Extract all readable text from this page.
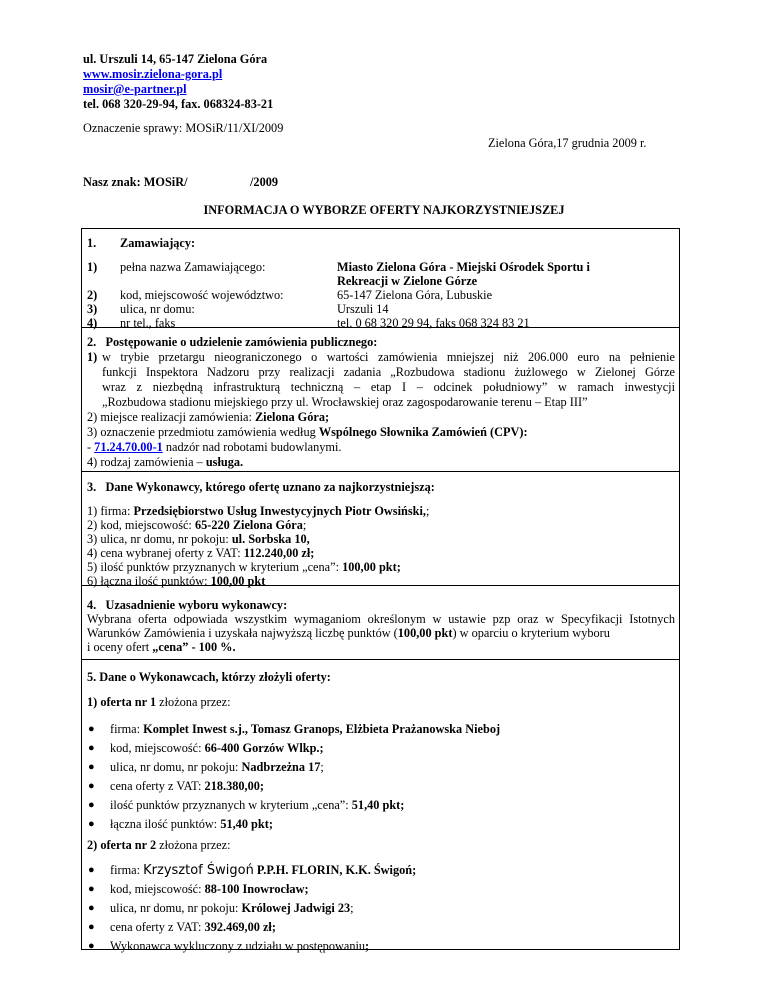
ul. Urszuli 14, 65-147 Zielona Góra
www.mosir.zielona-gora.pl
mosir@e-partner.pl
tel. 068 320-29-94, fax. 068324-83-21
Oznaczenie sprawy: MOSiR/11/XI/2009
Zielona Góra,17 grudnia 2009 r.
Nasz znak: MOSiR/	/2009
INFORMACJA O WYBORZE OFERTY NAJKORZYSTNIEJSZEJ
1. Zamawiający:
1) pełna nazwa Zamawiającego:
2) kod, miejscowość województwo:
3) ulica, nr domu:
4) nr tel., faks
Miasto Zielona Góra - Miejski Ośrodek Sportu i
Rekreacji w Zielone Górze
65-147 Zielona Góra, Lubuskie
Urszuli 14
tel. 0 68 320 29 94, faks 068 324 83 21
2.   Postępowanie o udzielenie zamówienia publicznego:
1) w trybie przetargu nieograniczonego o wartości zamówienia mniejszej niż 206.000 euro na pełnienie
funkcji Inspektora Nadzoru przy realizacji zadania „Rozbudowa stadionu żużlowego w Zielonej Górze
wraz z niezbędną infrastrukturą techniczną – etap I – odcinek południowy” w ramach inwestycji
„Rozbudowa stadionu miejskiego przy ul. Wrocławskiej oraz zagospodarowanie terenu – Etap III”
2) miejsce realizacji zamówienia: Zielona Góra;
3) oznaczenie przedmiotu zamówienia według Wspólnego Słownika Zamówień (CPV):
- 71.24.70.00-1 nadzór nad robotami budowlanymi.
4) rodzaj zamówienia – usługa.
3.   Dane Wykonawcy, którego ofertę uznano za najkorzystniejszą:
1) firma: Przedsiębiorstwo Usług Inwestycyjnych Piotr Owsiński,;
2) kod, miejscowość: 65-220 Zielona Góra;
3) ulica, nr domu, nr pokoju: ul. Sorbska 10,
4) cena wybranej oferty z VAT: 112.240,00 zł;
5) ilość punktów przyznanych w kryterium „cena”: 100,00 pkt;
6) łączna ilość punktów: 100,00 pkt
4.   Uzasadnienie wyboru wykonawcy:
Wybrana oferta odpowiada wszystkim wymaganiom określonym w ustawie pzp oraz w Specyfikacji Istotnych
Warunków Zamówienia i uzyskała najwyższą liczbę punktów (100,00 pkt) w oparciu o kryterium wyboru
i oceny ofert „cena” - 100 %.
5. Dane o Wykonawcach, którzy złożyli oferty:
1) oferta nr 1 złożona przez:
● firma: Komplet Inwest s.j., Tomasz Granops, Elżbieta Prażanowska Nieboj
● kod, miejscowość: 66-400 Gorzów Wlkp.;
● ulica, nr domu, nr pokoju: Nadbrzeżna 17;
● cena oferty z VAT: 218.380,00;
● ilość punktów przyznanych w kryterium „cena”: 51,40 pkt;
● łączna ilość punktów: 51,40 pkt;
2) oferta nr 2 złożona przez:
● firma: Krzysztof Świgoń P.P.H. FLORIN, K.K. Świgoń;
● kod, miejscowość: 88-100 Inowrocław;
● ulica, nr domu, nr pokoju: Królowej Jadwigi 23;
● cena oferty z VAT: 392.469,00 zł;
● Wykonawca wykluczony z udziału w postępowaniu;
